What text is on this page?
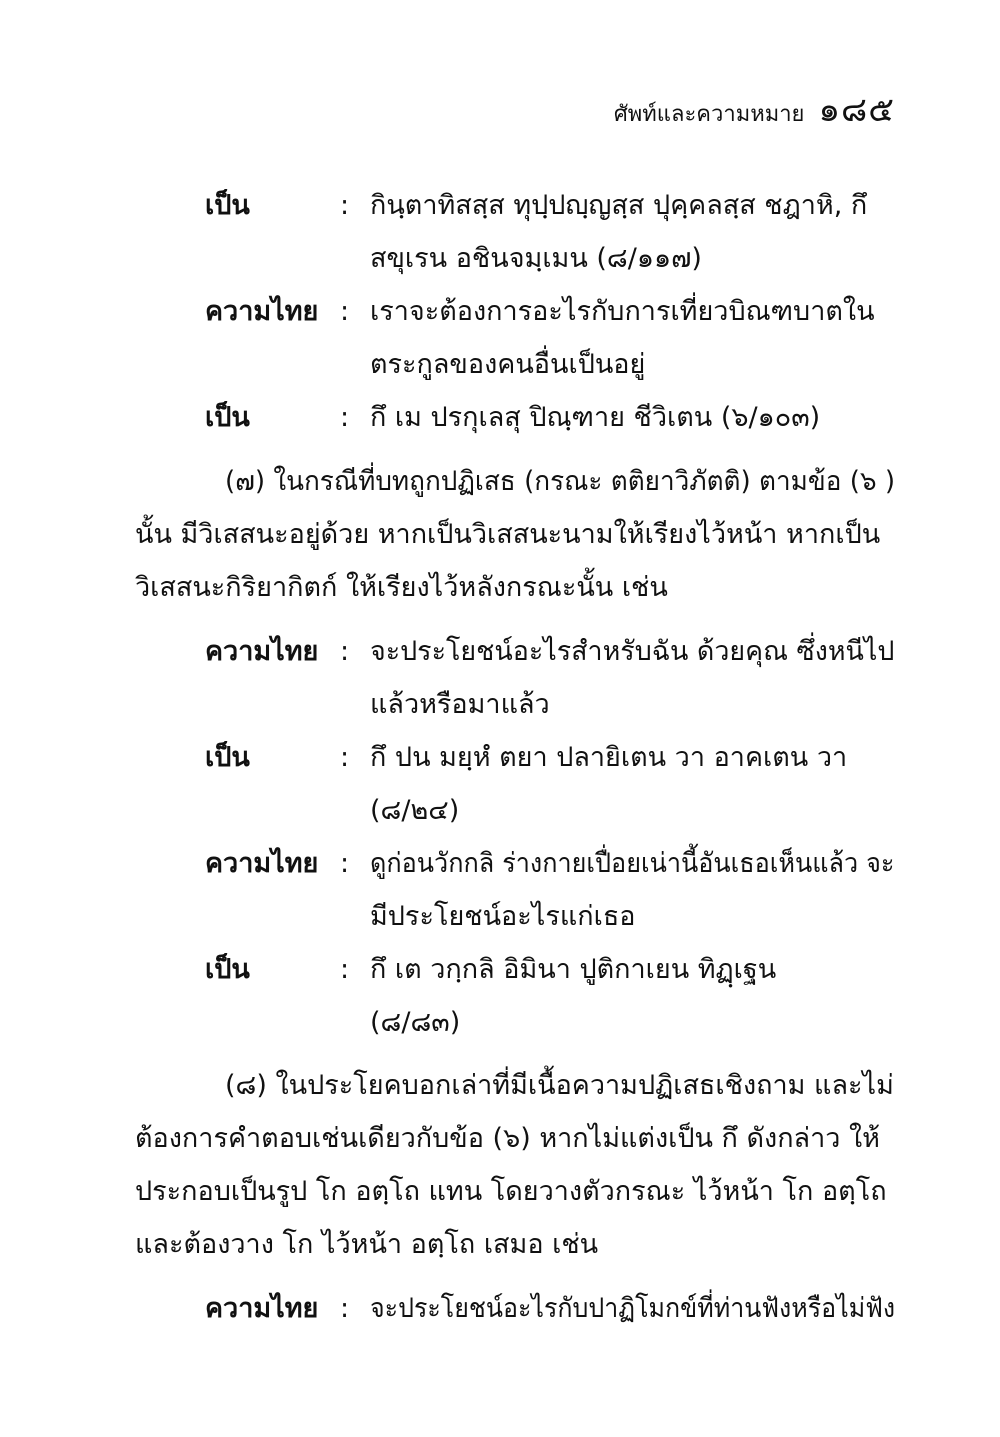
ศัพท์และความหมาย ๑๘๕
เป็น	: กินฺตาทิสสฺส ทุปฺปญฺญสฺส ปุคฺคลสฺส ชฎาหิ, กึ
สขุเรน อชินจมฺเมน (๘/๑๑๗)
ความไทย : เราจะต้องการอะไรกับการเที่ยวบิณฑบาตใน
ตระกูลของคนอื่นเป็นอยู่
เป็น	: กึ เม ปรกุเลสุ ปิณฺฑาย ชีวิเตน (๖/๑๐๓)
(๗) ในกรณีที่บทถูกปฏิเสธ (กรณะ ตติยาวิภัตติ) ตามข้อ (๖ )
นั้น มีวิเสสนะอยู่ด้วย หากเป็นวิเสสนะนามให้เรียงไว้หน้า หากเป็น
วิเสสนะกิริยากิตก์ ให้เรียงไว้หลังกรณะนั้น เช่น
ความไทย : จะประโยชน์อะไรสำหรับฉัน ด้วยคุณ ซึ่งหนีไป
แล้วหรือมาแล้ว
เป็น	: กึ ปน มยฺหํ ตยา ปลายิเตน วา อาคเตน วา
(๘/๒๔)
ความไทย : ดูก่อนวักกลิ ร่างกายเปื่อยเน่านี้อันเธอเห็นแล้ว จะ
มีประโยชน์อะไรแก่เธอ
เป็น	: กึ เต วกฺกลิ อิมินา ปูติกาเยน ทิฏฺเฐน
(๘/๘๓)
(๘) ในประโยคบอกเล่าที่มีเนื้อความปฏิเสธเชิงถาม และไม่
ต้องการคำตอบเช่นเดียวกับข้อ (๖) หากไม่แต่งเป็น กึ ดังกล่าว ให้
ประกอบเป็นรูป โก อตฺโถ แทน โดยวางตัวกรณะ ไว้หน้า โก อตฺโถ
และต้องวาง โก ไว้หน้า อตฺโถ เสมอ เช่น
ความไทย : จะประโยชน์อะไรกับปาฏิโมกข์ที่ท่านฟังหรือไม่ฟัง
